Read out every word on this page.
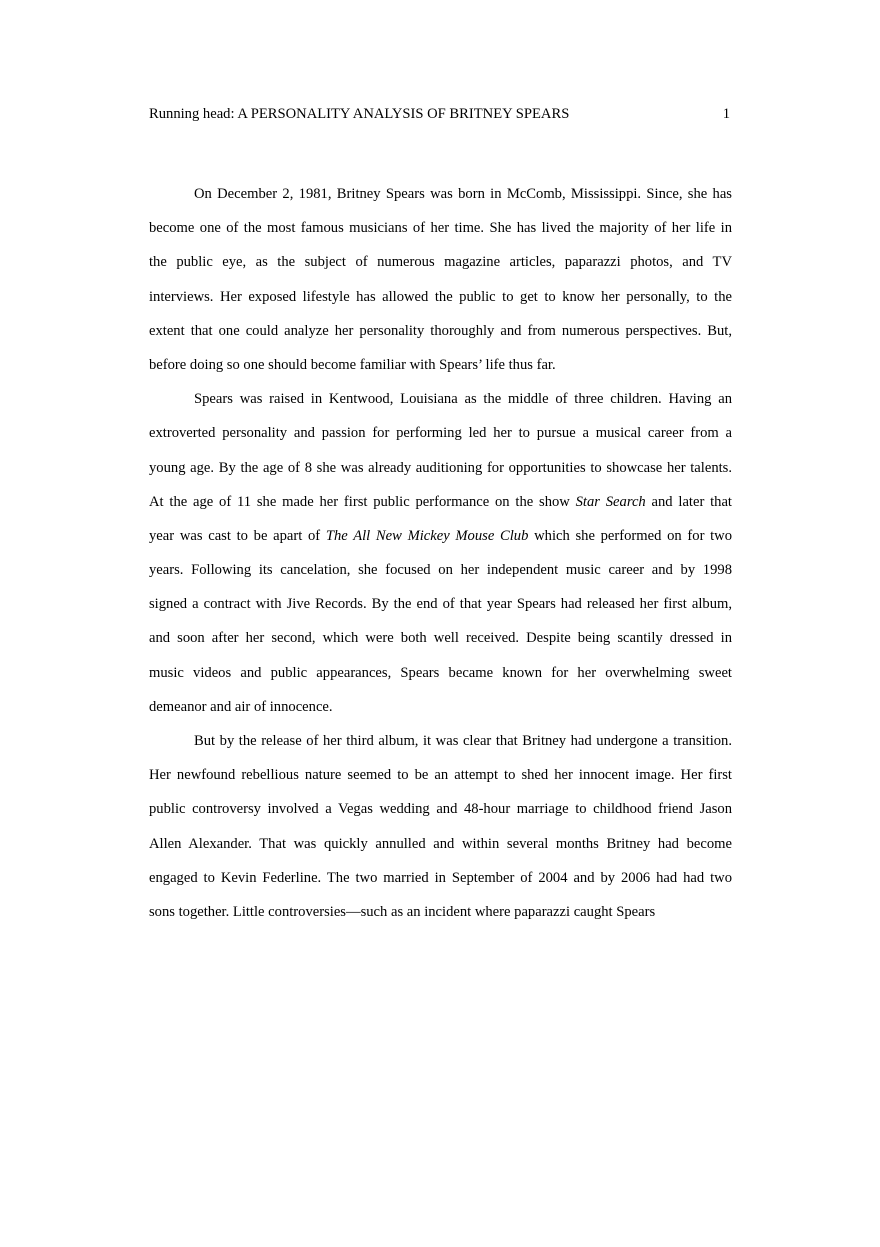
Running head: A PERSONALITY ANALYSIS OF BRITNEY SPEARS	1
On December 2, 1981, Britney Spears was born in McComb, Mississippi. Since, she has
become one of the most famous musicians of her time. She has lived the majority of her life in
the public eye, as the subject of numerous magazine articles, paparazzi photos, and TV
interviews. Her exposed lifestyle has allowed the public to get to know her personally, to the
extent that one could analyze her personality thoroughly and from numerous perspectives. But,
before doing so one should become familiar with Spears’ life thus far.
Spears was raised in Kentwood, Louisiana as the middle of three children. Having an
extroverted personality and passion for performing led her to pursue a musical career from a
young age. By the age of 8 she was already auditioning for opportunities to showcase her talents.
At the age of 11 she made her first public performance on the show Star Search and later that
year was cast to be apart of The All New Mickey Mouse Club which she performed on for two
years. Following its cancelation, she focused on her independent music career and by 1998
signed a contract with Jive Records. By the end of that year Spears had released her first album,
and soon after her second, which were both well received. Despite being scantily dressed in
music videos and public appearances, Spears became known for her overwhelming sweet
demeanor and air of innocence.
But by the release of her third album, it was clear that Britney had undergone a transition.
Her newfound rebellious nature seemed to be an attempt to shed her innocent image. Her first
public controversy involved a Vegas wedding and 48-hour marriage to childhood friend Jason
Allen Alexander. That was quickly annulled and within several months Britney had become
engaged to Kevin Federline. The two married in September of 2004 and by 2006 had had two
sons together. Little controversies—such as an incident where paparazzi caught Spears
